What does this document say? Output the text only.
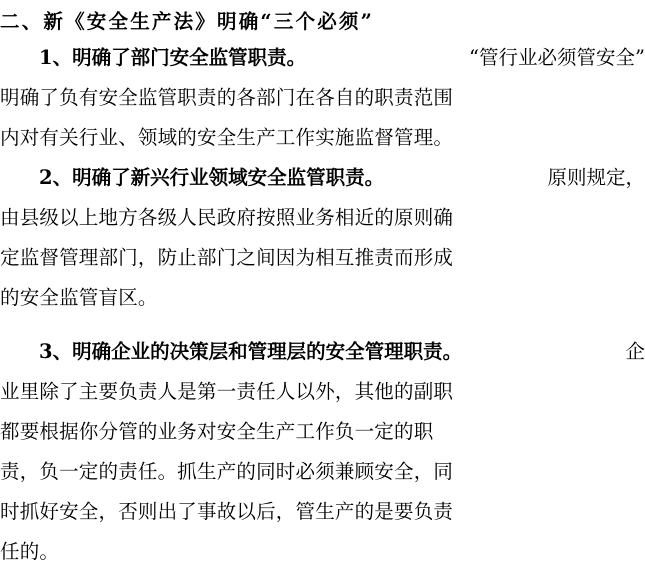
二、新《安全生产法》明确“三个必须”
1、明确了部门安全监管职责。	“管行业必须管安全”
明确了负有安全监管职责的各部门在各自的职责范围
内对有关行业、领域的安全生产工作实施监督管理。
2、明确了新兴行业领域安全监管职责。	原则规定，
由县级以上地方各级人民政府按照业务相近的原则确
定监督管理部门，防止部门之间因为相互推责而形成
的安全监管盲区。
3、明确企业的决策层和管理层的安全管理职责。	企
业里除了主要负责人是第一责任人以外，其他的副职
都要根据你分管的业务对安全生产工作负一定的职
责，负一定的责任。抓生产的同时必须兼顾安全，同
时抓好安全，否则出了事故以后，管生产的是要负责
任的。
